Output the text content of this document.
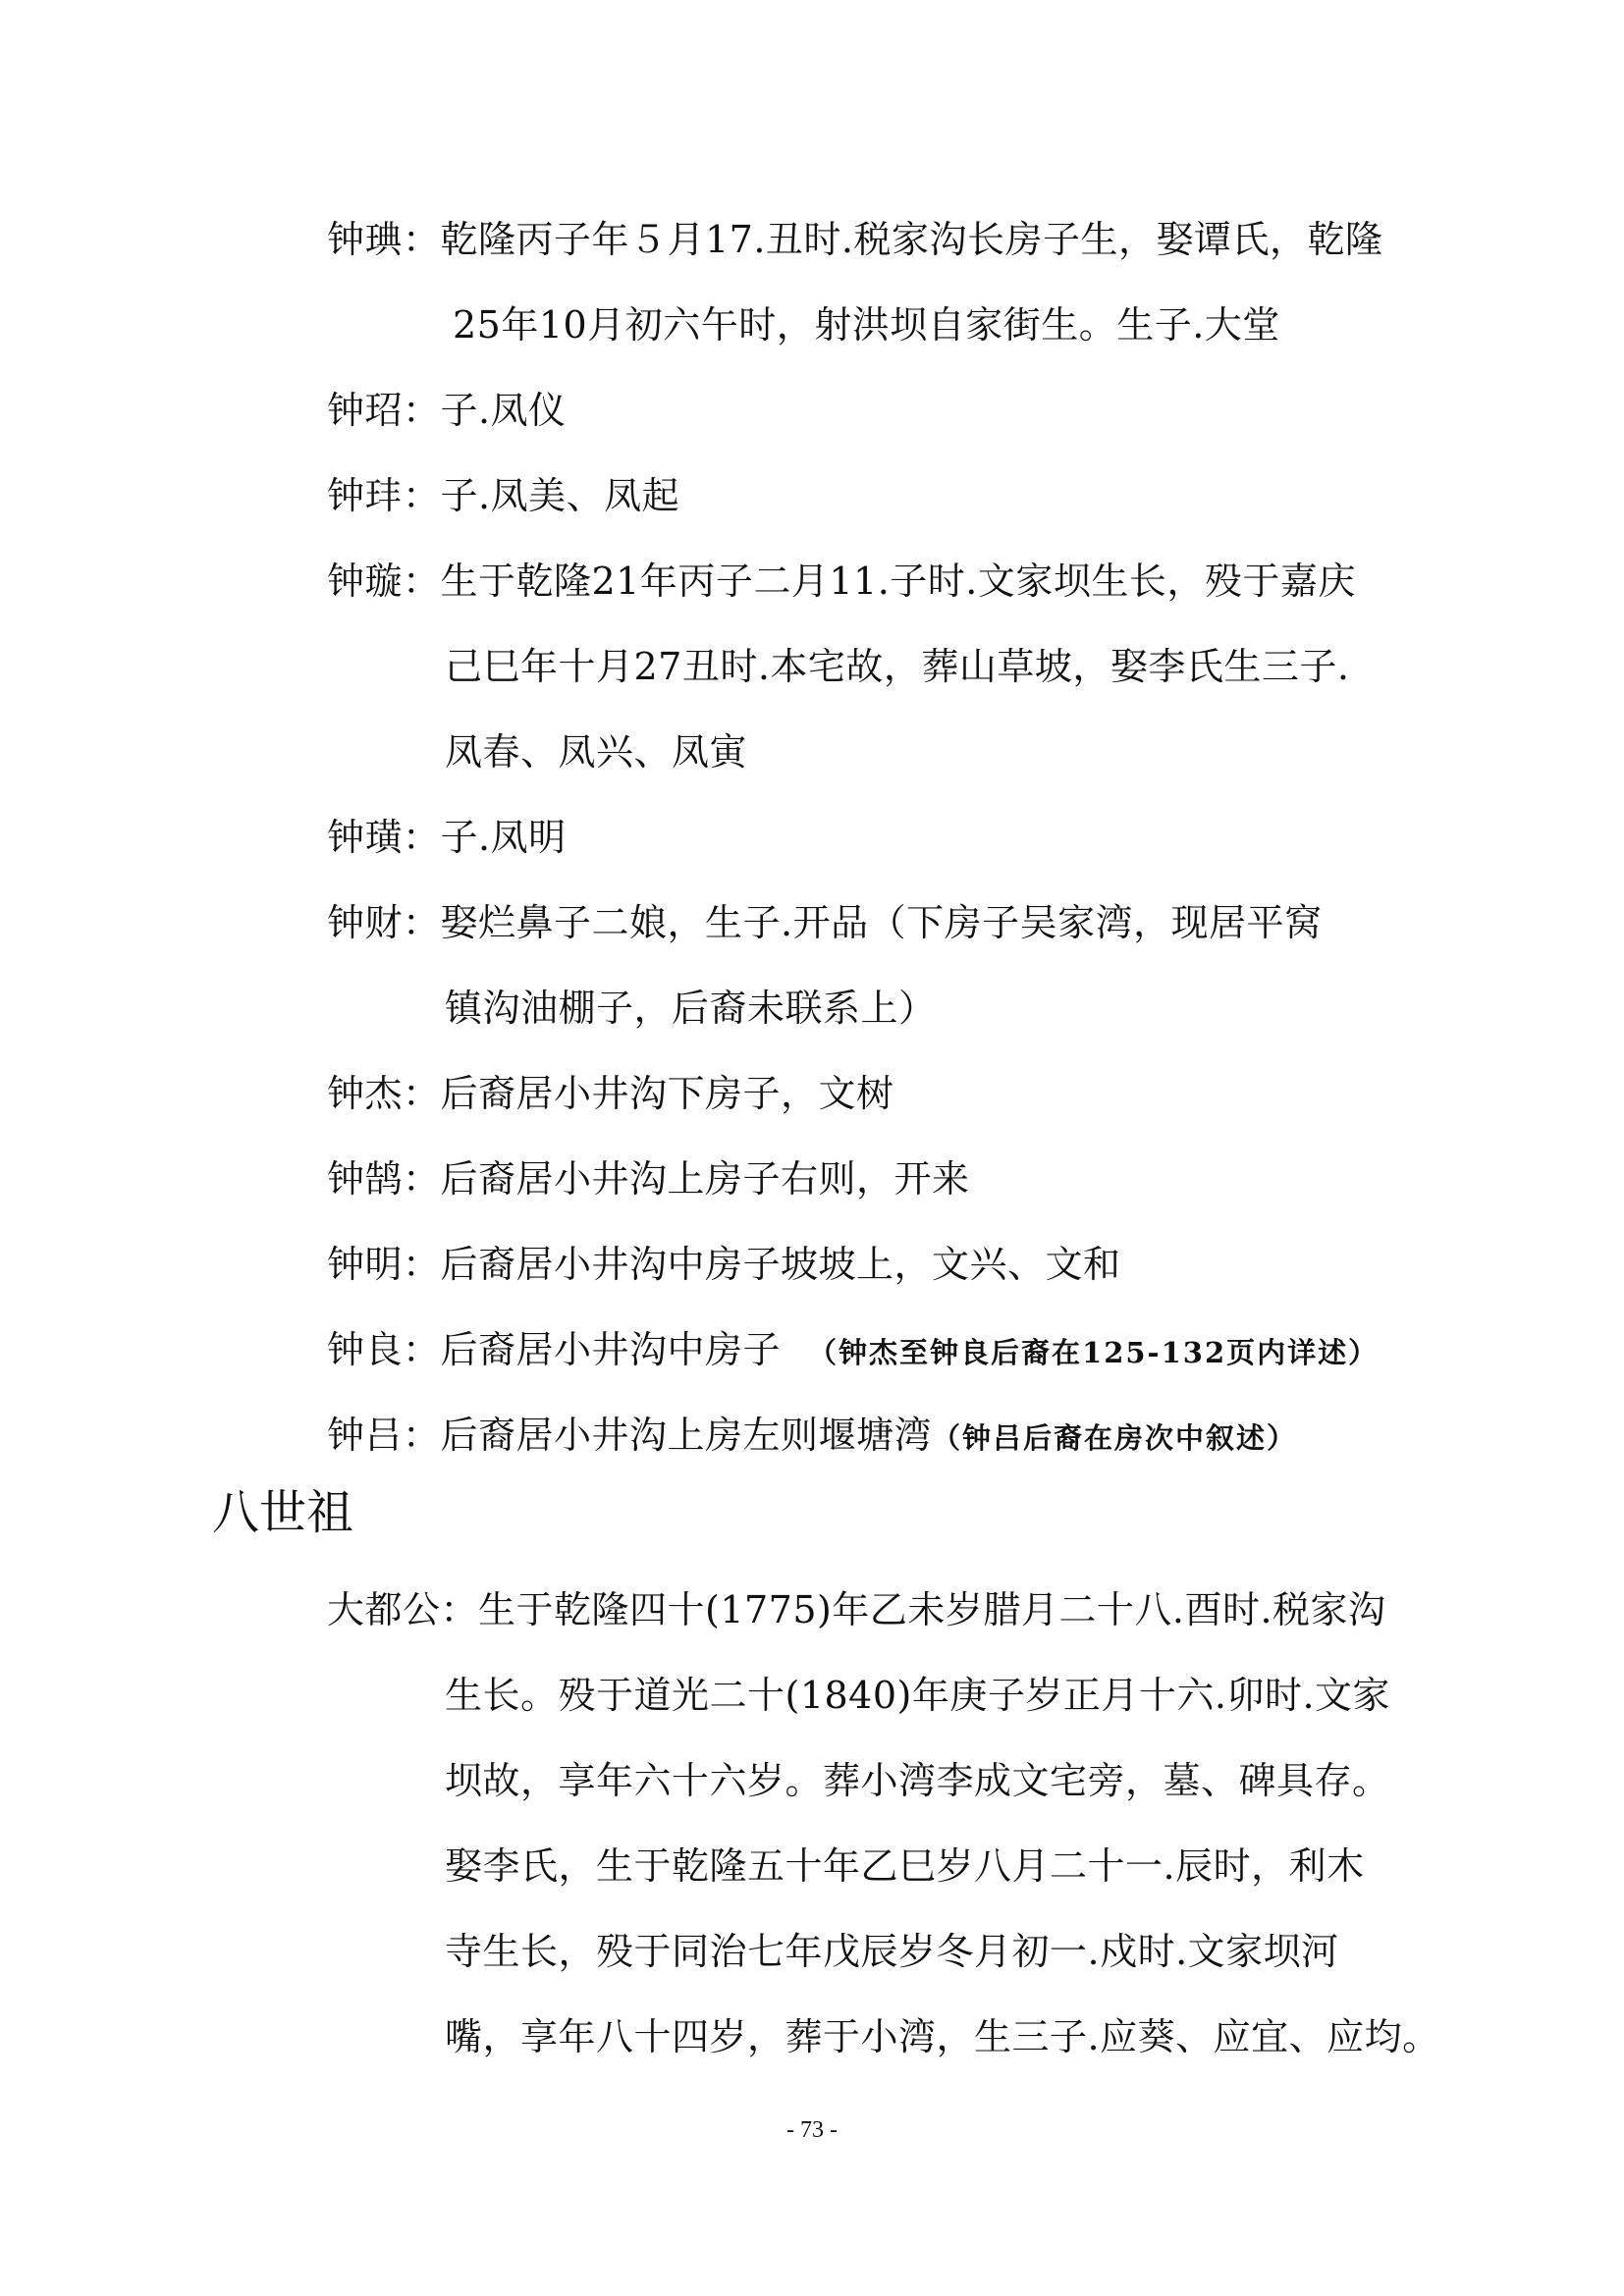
钟琠：乾隆丙子年５月17.丑时.税家沟长房子生，娶谭氏，乾隆
25年10月初六午时，射洪坝自家街生。生子.大堂
钟玿：子.凤仪
钟玤：子.凤美、凤起
钟璇：生于乾隆21年丙子二月11.子时.文家坝生长，殁于嘉庆
己巳年十月27丑时.本宅故，葬山草坡，娶李氏生三子.
凤春、凤兴、凤寅
钟璜：子.凤明
钟财：娶烂鼻子二娘，生子.开品（下房子吴家湾，现居平窝
镇沟油棚子，后裔未联系上）
钟杰：后裔居小井沟下房子，文树
钟鹄：后裔居小井沟上房子右则，开来
钟明：后裔居小井沟中房子坡坡上，文兴、文和
钟良：后裔居小井沟中房子 （钟杰至钟良后裔在125-132页内详述）
钟吕：后裔居小井沟上房左则堰塘湾（钟吕后裔在房次中叙述）
八世祖
大都公：生于乾隆四十(1775)年乙未岁腊月二十八.酉时.税家沟
生长。殁于道光二十(1840)年庚子岁正月十六.卯时.文家
坝故，享年六十六岁。葬小湾李成文宅旁，墓、碑具存。
娶李氏，生于乾隆五十年乙巳岁八月二十一.辰时，利木
寺生长，殁于同治七年戊辰岁冬月初一.戍时.文家坝河
嘴，享年八十四岁，葬于小湾，生三子.应葵、应宜、应均。
- 73 -
